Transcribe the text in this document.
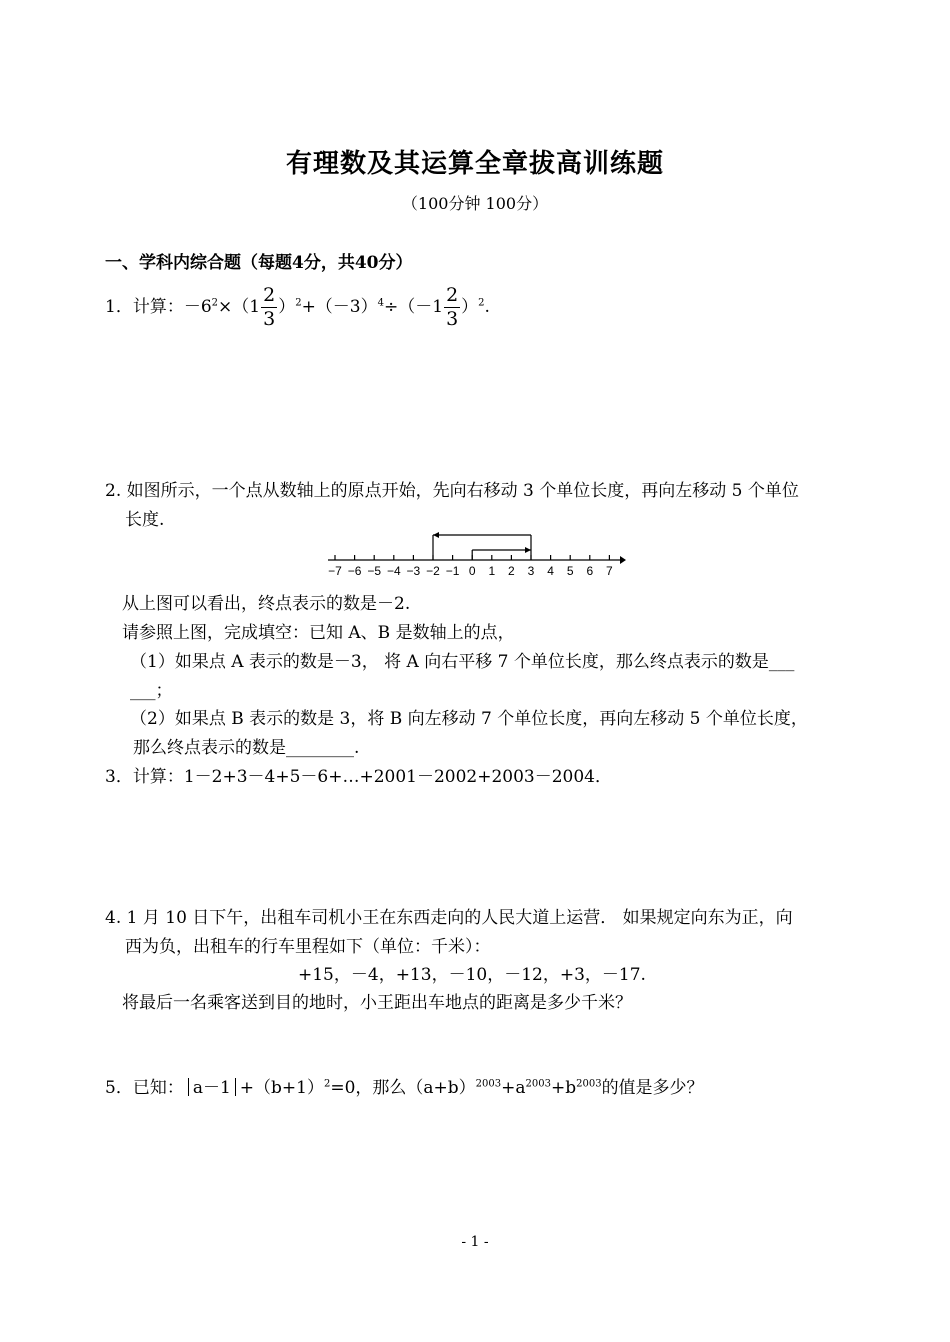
有理数及其运算全章拔高训练题
（100分钟 100分）
一、学科内综合题（每题4分，共40分）
1．计算：$-6^2\times(1 \frac{2}{3} )^2+(-3)^4\div(-1 \frac{2}{3} )^2$.
2. 如图所示，一个点从数轴上的原点开始，先向右移动 3 个单位长度，再向左移动 5 个单位
长度.
−7 −6 −5 −4 −3 −2 −1 0 1 2 3 4 5 6 7
从上图可以看出，终点表示的数是－2.
请参照上图，完成填空：已知 A、B 是数轴上的点，
（1）如果点 A 表示的数是－3， 将 A 向右平移 7 个单位长度，那么终点表示的数是___
___；
（2）如果点 B 表示的数是 3，将 B 向左移动 7 个单位长度，再向左移动 5 个单位长度，
那么终点表示的数是________.
3．计算：1－2+3－4+5－6+…+2001－2002+2003－2004．
4. 1 月 10 日下午，出租车司机小王在东西走向的人民大道上运营． 如果规定向东为正，向
西为负，出租车的行车里程如下（单位：千米）：
+15，－4，+13，－10，－12，+3，－17.
将最后一名乘客送到目的地时，小王距出车地点的距离是多少千米？
5．已知： $a-1 +(b+1)^2=0$，那么$(a+b)^{2003}+a^{2003}+b^{2003}$的值是多少？
- 1 -
